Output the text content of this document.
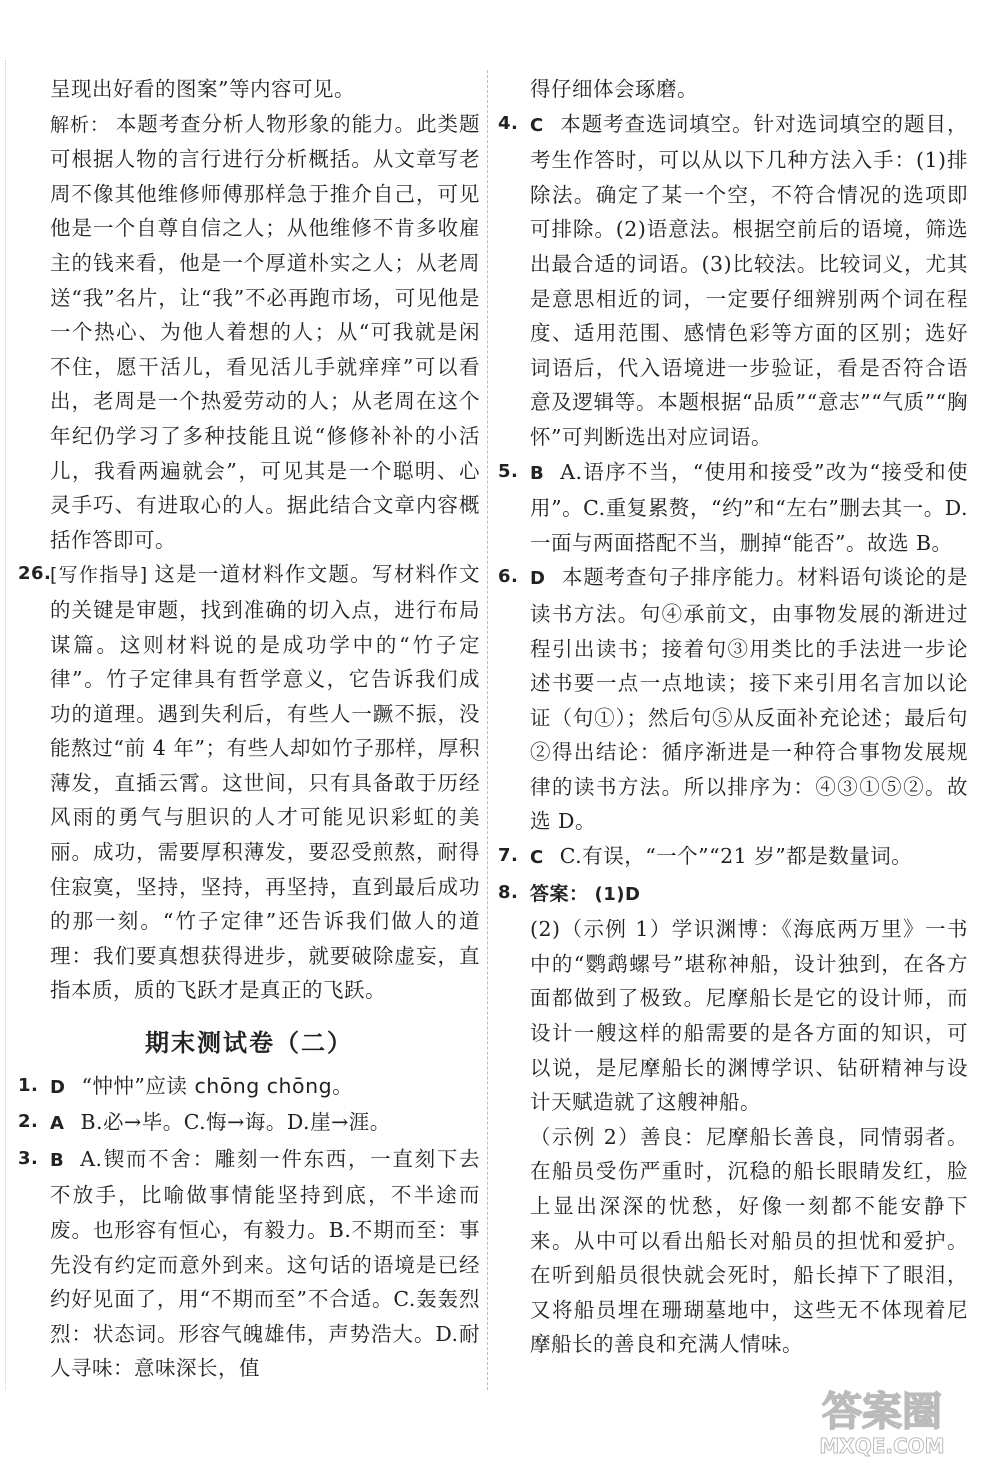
呈现出好看的图案”等内容可见。

解析： 本题考查分析人物形象的能力。此类题可根据人物的言行进行分析概括。从文章写老周不像其他维修师傅那样急于推介自己，可见他是一个自尊自信之人；从他维修不肯多收雇主的钱来看，他是一个厚道朴实之人；从老周送“我”名片，让“我”不必再跑市场，可见他是一个热心、为他人着想的人；从“可我就是闲不住，愿干活儿，看见活儿手就痒痒”可以看出，老周是一个热爱劳动的人；从老周在这个年纪仍学习了多种技能且说“修修补补的小活儿，我看两遍就会”，可见其是一个聪明、心灵手巧、有进取心的人。据此结合文章内容概括作答即可。

26.
[写作指导] 这是一道材料作文题。写材料作文的关键是审题，找到准确的切入点，进行布局谋篇。这则材料说的是成功学中的“竹子定律”。竹子定律具有哲学意义，它告诉我们成功的道理。遇到失利后，有些人一蹶不振，没能熬过“前 4 年”；有些人却如竹子那样，厚积薄发，直插云霄。这世间，只有具备敢于历经风雨的勇气与胆识的人才可能见识彩虹的美丽。成功，需要厚积薄发，要忍受煎熬，耐得住寂寞，坚持，坚持，再坚持，直到最后成功的那一刻。“竹子定律”还告诉我们做人的道理：我们要真想获得进步，就要破除虚妄，直指本质，质的飞跃才是真正的飞跃。
期末测试卷（二）
1. D “忡忡”应读 chōng chōng。
2. A B.必→毕。C.悔→诲。D.崖→涯。
3. B A.锲而不舍：雕刻一件东西，一直刻下去不放手，比喻做事情能坚持到底，不半途而废。也形容有恒心，有毅力。B.不期而至：事先没有约定而意外到来。这句话的语境是已经约好见面了，用“不期而至”不合适。C.轰轰烈烈：状态词。形容气魄雄伟，声势浩大。D.耐人寻味：意味深长，值

得仔细体会琢磨。

4. C 本题考查选词填空。针对选词填空的题目，考生作答时，可以从以下几种方法入手：(1)排除法。确定了某一个空，不符合情况的选项即可排除。(2)语意法。根据空前后的语境，筛选出最合适的词语。(3)比较法。比较词义，尤其是意思相近的词，一定要仔细辨别两个词在程度、适用范围、感情色彩等方面的区别；选好词语后，代入语境进一步验证，看是否符合语意及逻辑等。本题根据“品质”“意志”“气质”“胸怀”可判断选出对应词语。
5. B A.语序不当，“使用和接受”改为“接受和使用”。C.重复累赘，“约”和“左右”删去其一。D.一面与两面搭配不当，删掉“能否”。故选 B。
6. D 本题考查句子排序能力。材料语句谈论的是读书方法。句④承前文，由事物发展的渐进过程引出读书；接着句③用类比的手法进一步论述书要一点一点地读；接下来引用名言加以论证（句①）；然后句⑤从反面补充论述；最后句②得出结论：循序渐进是一种符合事物发展规律的读书方法。所以排序为：④③①⑤②。故选 D。
7. C C.有误，“一个”“21 岁”都是数量词。
8. 答案： (1)D

(2)（示例 1）学识渊博：《海底两万里》一书中的“鹦鹉螺号”堪称神船，设计独到，在各方面都做到了极致。尼摩船长是它的设计师，而设计一艘这样的船需要的是各方面的知识，可以说，是尼摩船长的渊博学识、钻研精神与设计天赋造就了这艘神船。

（示例 2）善良：尼摩船长善良，同情弱者。在船员受伤严重时，沉稳的船长眼睛发红，脸上显出深深的忧愁，好像一刻都不能安静下来。从中可以看出船长对船员的担忧和爱护。在听到船员很快就会死时，船长掉下了眼泪，又将船员埋在珊瑚墓地中，这些无不体现着尼摩船长的善良和充满人情味。

答案圈
MXQE.COM
